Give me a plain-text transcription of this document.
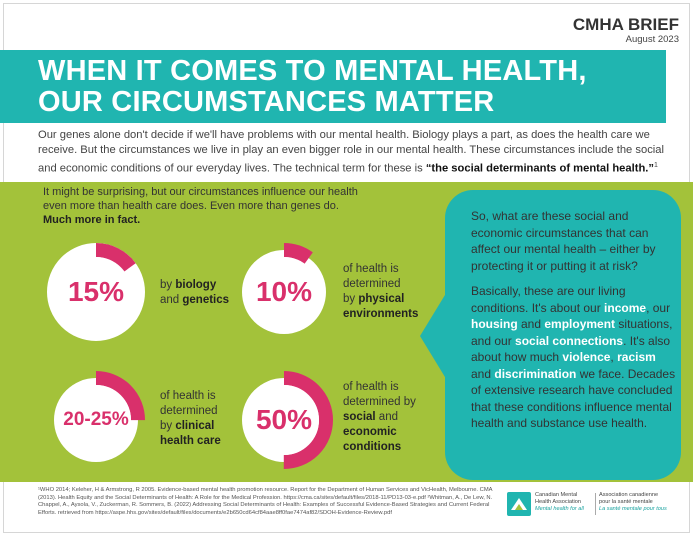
CMHA BRIEF
August 2023
WHEN IT COMES TO MENTAL HEALTH,
OUR CIRCUMSTANCES MATTER
Our genes alone don't decide if we'll have problems with our mental health. Biology plays a part, as does the health care we receive. But the circumstances we live in play an even bigger role in our mental health. These circumstances include the social and economic conditions of our everyday lives. The technical term for these is “the social determinants of mental health.”$^1$
It might be surprising, but our circumstances influence our health even more than health care does. Even more than genes do.
Much more in fact.
15%	by biology
and genetics 10%
of health is
determined
by physical
environments
20-25%
of health is
determined
by clinical
health care
50%
of health is
determined by
social and
economic
conditions
So, what are these social and economic circumstances that can affect our mental health – either by protecting it or putting it at risk?
Basically, these are our living conditions. It's about our income, our housing and employment situations, and our social connections. It's also about how much violence, racism and discrimination we face. Decades of extensive research have concluded that these conditions influence mental health and substance use health.
¹WHO 2014; Keleher, H & Armstrong, R 2005. Evidence-based mental health promotion resource. Report for the Department of Human Services and VicHealth, Melbourne. CMA (2013). Health Equity and the Social Determinants of Health: A Role for the Medical Profession. https://cma.ca/sites/default/files/2018-11/PD13-03-e.pdf ²Whitman, A., De Lew, N. Chappel, A., Aysola, V., Zuckerman, R. Sommers, B. (2022) Addressing Social Determinants of Health: Examples of Successful Evidence-Based Strategies and Current Federal Efforts. retrieved from https://aspe.hhs.gov/sites/default/files/documents/e2b650cd64cf84aae8ff0fae7474af82/SDOH-Evidence-Review.pdf
Canadian Mental
Health Association
Mental health for all
Association canadienne
pour la santé mentale
La santé mentale pour tous
